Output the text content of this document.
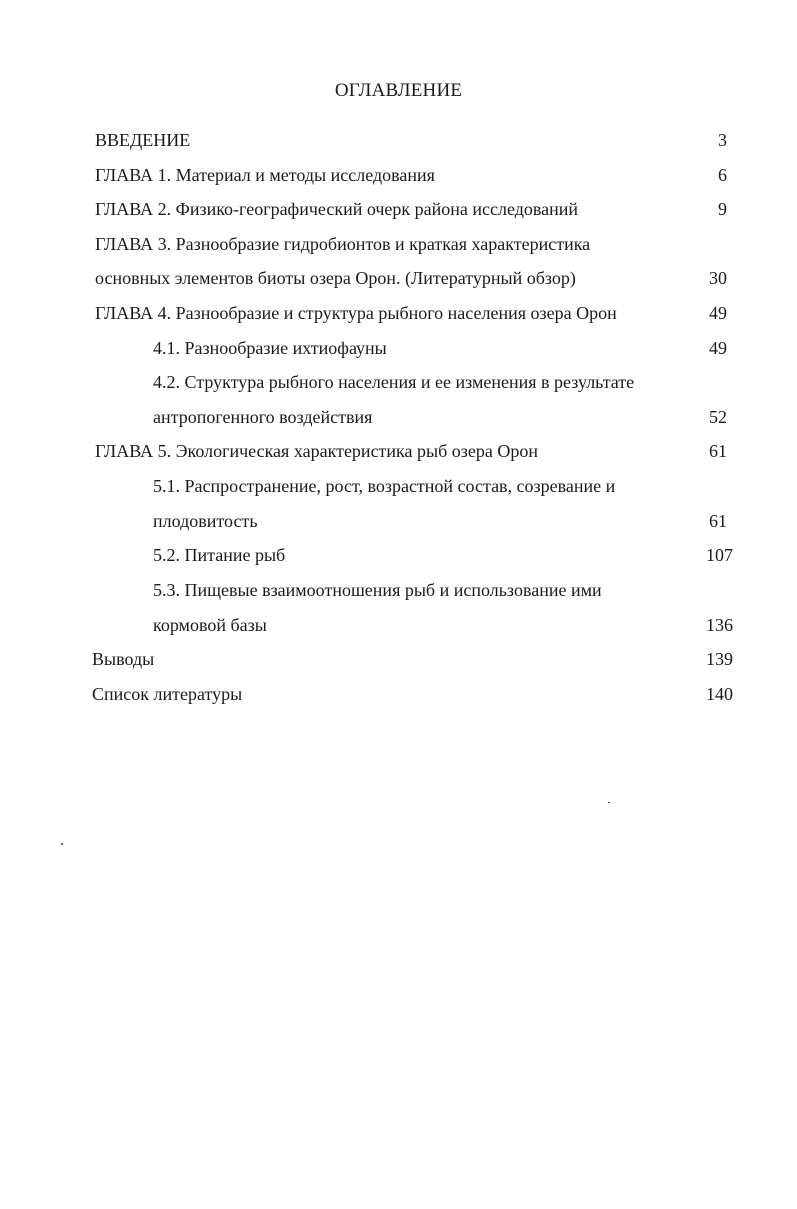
ОГЛАВЛЕНИЕ
ВВЕДЕНИЕ	3
ГЛАВА 1. Материал и методы исследования	6
ГЛАВА 2. Физико-географический очерк района исследований	9
ГЛАВА 3. Разнообразие гидробионтов и краткая характеристика
основных элементов биоты озера Орон. (Литературный обзор)	30
ГЛАВА 4. Разнообразие и структура рыбного населения озера Орон	49
4.1. Разнообразие ихтиофауны	49
4.2. Структура рыбного населения и ее изменения в результате
антропогенного воздействия	52
ГЛАВА 5. Экологическая характеристика рыб озера Орон	61
5.1. Распространение, рост, возрастной состав, созревание и
плодовитость	61
5.2. Питание рыб	107
5.3. Пищевые взаимоотношения рыб и использование ими
кормовой базы	136
Выводы	139
Список литературы	140
